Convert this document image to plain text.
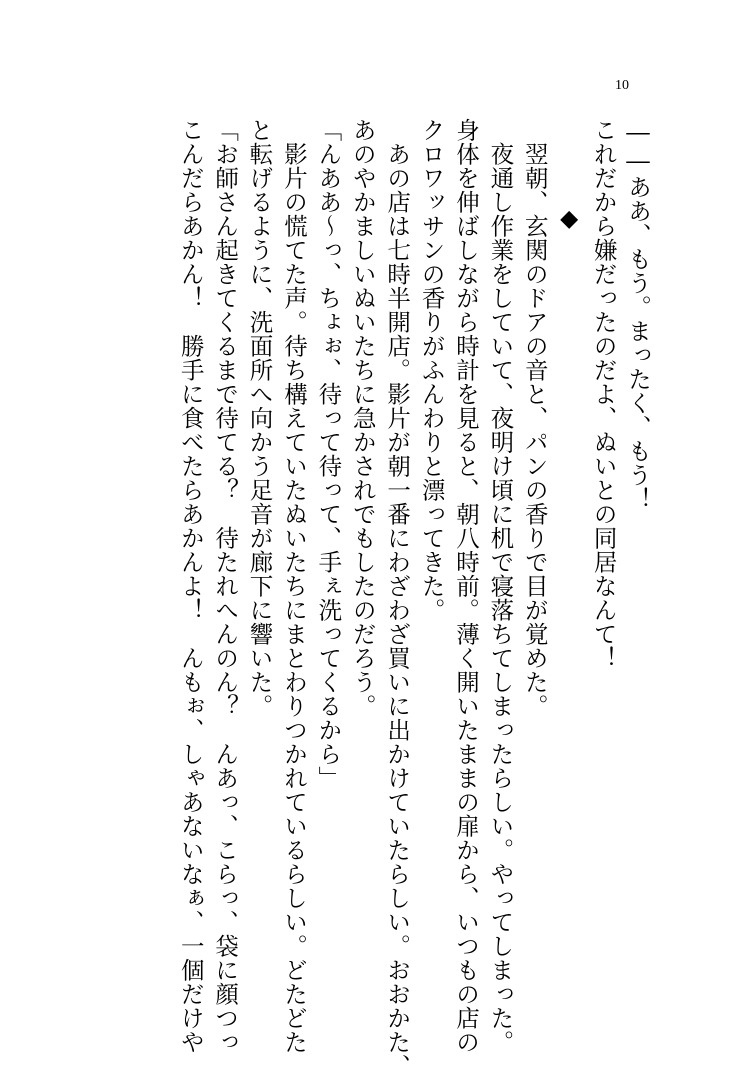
10
――ああ、もう。まったく、もう！
これだから嫌だったのだよ、ぬいとの同居なんて！
◆
　翌朝、玄関のドアの音と、パンの香りで目が覚めた。
　夜通し作業をしていて、夜明け頃に机で寝落ちてしまったらしい。やってしまった。
身体を伸ばしながら時計を見ると、朝八時前。薄く開いたままの扉から、いつもの店の
クロワッサンの香りがふんわりと漂ってきた。
　あの店は七時半開店。影片が朝一番にわざわざ買いに出かけていたらしい。おおかた、
あのやかましいぬいたちに急かされでもしたのだろう。
「んああ～っ、ちょぉ、待って待って、手ぇ洗ってくるから」
　影片の慌てた声。待ち構えていたぬいたちにまとわりつかれているらしい。どたどた
と転げるように、洗面所へ向かう足音が廊下に響いた。
「お師さん起きてくるまで待てる？　待たれへんのん？　んあっ、こらっ、袋に顔つっ
こんだらあかん！　勝手に食べたらあかんよ！　んもぉ、しゃあないなぁ、一個だけや
